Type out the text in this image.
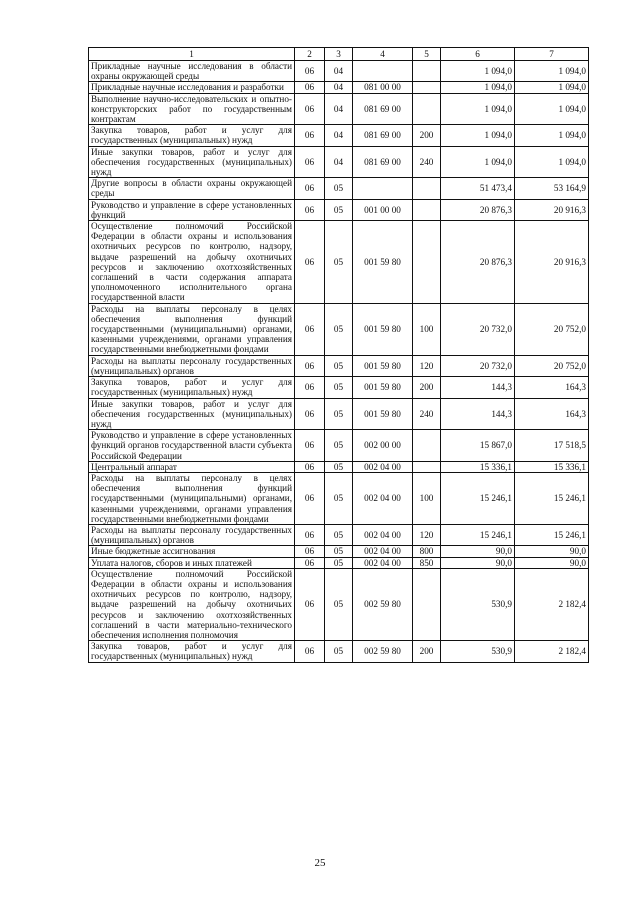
1	2	3	4	5	6	7
Прикладные научные исследования в области охраны окружающей среды	06	04			1 094,0	1 094,0
Прикладные научные исследования и разработки	06	04	081 00 00		1 094,0	1 094,0
Выполнение научно-исследовательских и опытно-конструкторских работ по государственным контрактам	06	04	081 69 00		1 094,0	1 094,0
Закупка товаров, работ и услуг для государственных (муниципальных) нужд	06	04	081 69 00	200	1 094,0	1 094,0
Иные закупки товаров, работ и услуг для обеспечения государственных (муниципальных) нужд	06	04	081 69 00	240	1 094,0	1 094,0
Другие вопросы в области охраны окружающей среды	06	05			51 473,4	53 164,9
Руководство и управление в сфере установленных функций	06	05	001 00 00		20 876,3	20 916,3
Осуществление полномочий Российской Федерации в области охраны и использования охотничьих ресурсов по контролю, надзору, выдаче разрешений на добычу охотничьих ресурсов и заключению охотхозяйственных соглашений в части содержания аппарата уполномоченного исполнительного органа государственной власти	06	05	001 59 80		20 876,3	20 916,3
Расходы на выплаты персоналу в целях обеспечения выполнения функций государственными (муниципальными) органами, казенными учреждениями, органами управления государственными внебюджетными фондами	06	05	001 59 80	100	20 732,0	20 752,0
Расходы на выплаты персоналу государственных (муниципальных) органов	06	05	001 59 80	120	20 732,0	20 752,0
Закупка товаров, работ и услуг для государственных (муниципальных) нужд	06	05	001 59 80	200	144,3	164,3
Иные закупки товаров, работ и услуг для обеспечения государственных (муниципальных) нужд	06	05	001 59 80	240	144,3	164,3
Руководство и управление в сфере установленных функций органов государственной власти субъекта Российской Федерации	06	05	002 00 00		15 867,0	17 518,5
Центральный аппарат	06	05	002 04 00		15 336,1	15 336,1
Расходы на выплаты персоналу в целях обеспечения выполнения функций государственными (муниципальными) органами, казенными учреждениями, органами управления государственными внебюджетными фондами	06	05	002 04 00	100	15 246,1	15 246,1
Расходы на выплаты персоналу государственных (муниципальных) органов	06	05	002 04 00	120	15 246,1	15 246,1
Иные бюджетные ассигнования	06	05	002 04 00	800	90,0	90,0
Уплата налогов, сборов и иных платежей	06	05	002 04 00	850	90,0	90,0
Осуществление полномочий Российской Федерации в области охраны и использования охотничьих ресурсов по контролю, надзору, выдаче разрешений на добычу охотничьих ресурсов и заключению охотхозяйственных соглашений в части материально-технического обеспечения исполнения полномочия	06	05	002 59 80		530,9	2 182,4
Закупка товаров, работ и услуг для государственных (муниципальных) нужд	06	05	002 59 80	200	530,9	2 182,4
25
